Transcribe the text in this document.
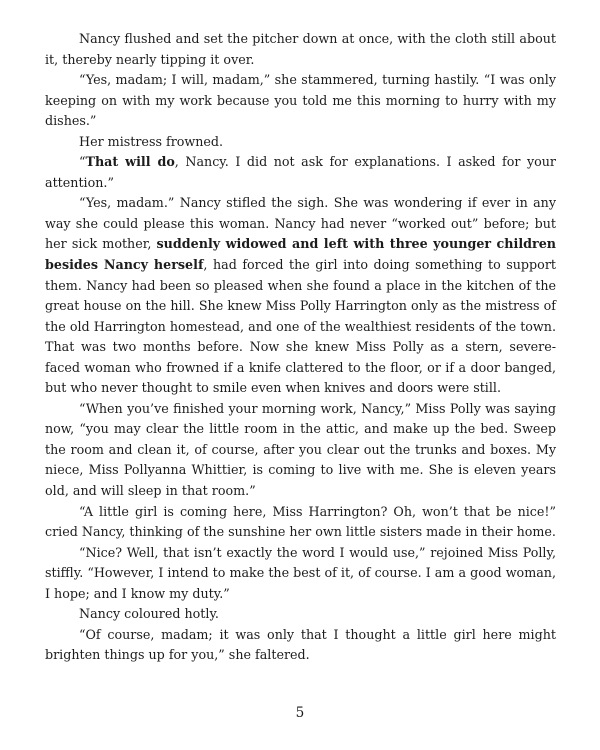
Nancy flushed and set the pitcher down at once, with the cloth still about it, thereby nearly tipping it over.

“Yes, madam; I will, madam,” she stammered, turning hastily. “I was only keeping on with my work because you told me this morning to hurry with my dishes.”

Her mistress frowned.

“That will do, Nancy. I did not ask for explanations. I asked for your attention.”

“Yes, madam.” Nancy stifled the sigh. She was wondering if ever in any way she could please this woman. Nancy had never “worked out” before; but her sick mother, suddenly widowed and left with three younger children besides Nancy herself, had forced the girl into doing something to support them. Nancy had been so pleased when she found a place in the kitchen of the great house on the hill. She knew Miss Polly Harrington only as the mistress of the old Harrington homestead, and one of the wealthiest residents of the town. That was two months before. Now she knew Miss Polly as a stern, severe-faced woman who frowned if a knife clattered to the floor, or if a door banged, but who never thought to smile even when knives and doors were still.

“When you’ve finished your morning work, Nancy,” Miss Polly was saying now, “you may clear the little room in the attic, and make up the bed. Sweep the room and clean it, of course, after you clear out the trunks and boxes. My niece, Miss Pollyanna Whittier, is coming to live with me. She is eleven years old, and will sleep in that room.”

“A little girl is coming here, Miss Harrington? Oh, won’t that be nice!” cried Nancy, thinking of the sunshine her own little sisters made in their home.

“Nice? Well, that isn’t exactly the word I would use,” rejoined Miss Polly, stiffly. “However, I intend to make the best of it, of course. I am a good woman, I hope; and I know my duty.”

Nancy coloured hotly.

“Of course, madam; it was only that I thought a little girl here might brighten things up for you,” she faltered.

5
